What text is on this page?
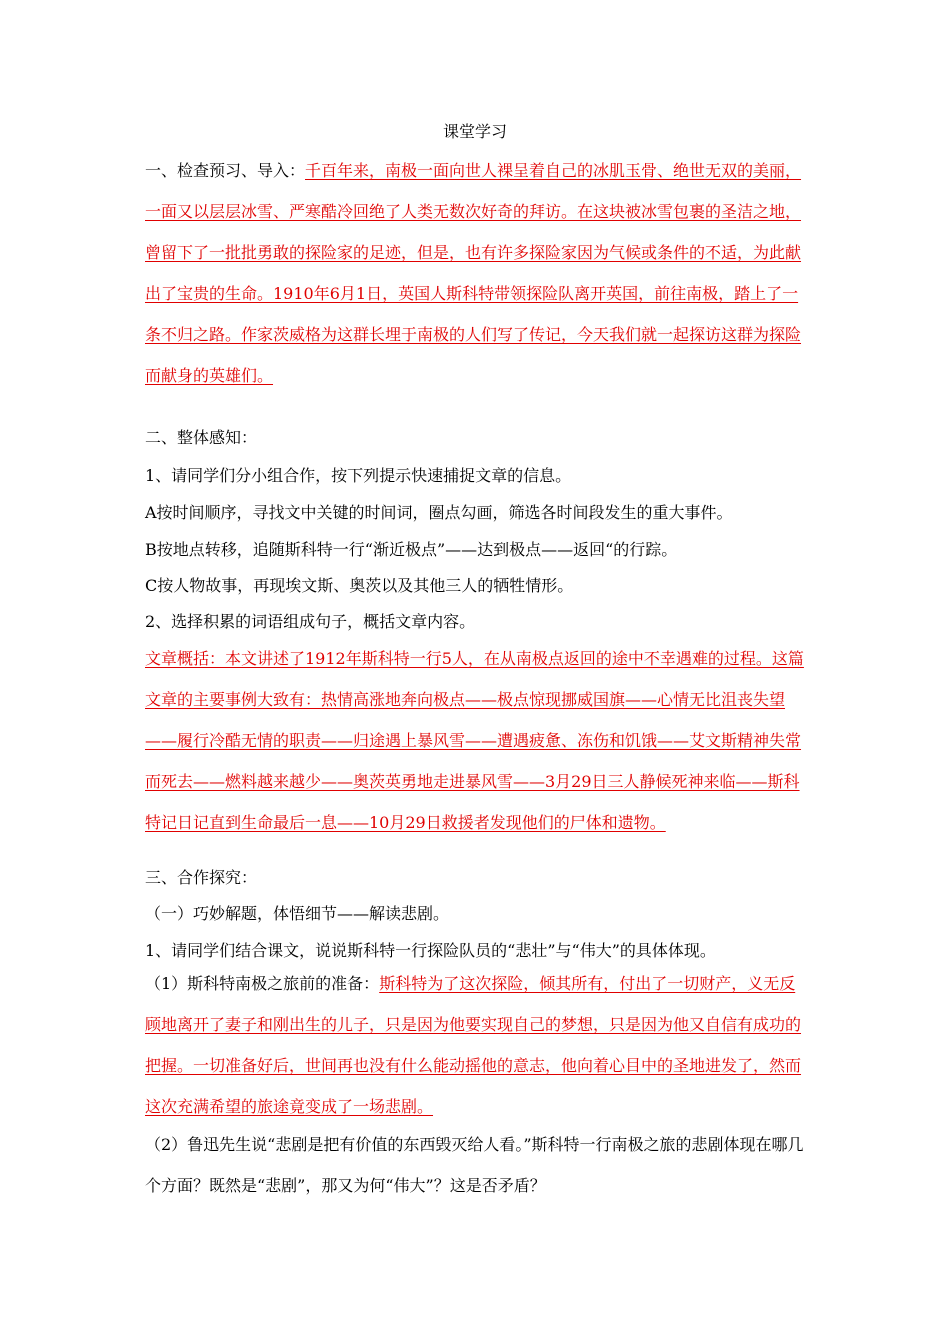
课堂学习
一、检查预习、导入：千百年来，南极一面向世人裸呈着自己的冰肌玉骨、绝世无双的美丽，一面又以层层冰雪、严寒酷冷回绝了人类无数次好奇的拜访。在这块被冰雪包裹的圣洁之地，曾留下了一批批勇敢的探险家的足迹，但是，也有许多探险家因为气候或条件的不适，为此献出了宝贵的生命。1910年6月1日，英国人斯科特带领探险队离开英国，前往南极，踏上了一条不归之路。作家茨威格为这群长埋于南极的人们写了传记，今天我们就一起探访这群为探险而献身的英雄们。
二、整体感知：
1、请同学们分小组合作，按下列提示快速捕捉文章的信息。
A按时间顺序，寻找文中关键的时间词，圈点勾画，筛选各时间段发生的重大事件。
B按地点转移，追随斯科特一行“渐近极点”——达到极点——返回“的行踪。
C按人物故事，再现埃文斯、奥茨以及其他三人的牺牲情形。
2、选择积累的词语组成句子，概括文章内容。
文章概括：本文讲述了1912年斯科特一行5人，在从南极点返回的途中不幸遇难的过程。这篇文章的主要事例大致有：热情高涨地奔向极点——极点惊现挪威国旗——心情无比沮丧失望——履行冷酷无情的职责——归途遇上暴风雪——遭遇疲惫、冻伤和饥饿——艾文斯精神失常而死去——燃料越来越少——奥茨英勇地走进暴风雪——3月29日三人静候死神来临——斯科特记日记直到生命最后一息——10月29日救援者发现他们的尸体和遗物。
三、合作探究：
（一）巧妙解题，体悟细节——解读悲剧。
1、请同学们结合课文，说说斯科特一行探险队员的“悲壮”与“伟大”的具体体现。
（1）斯科特南极之旅前的准备：斯科特为了这次探险，倾其所有，付出了一切财产，义无反顾地离开了妻子和刚出生的儿子，只是因为他要实现自己的梦想，只是因为他又自信有成功的把握。一切准备好后，世间再也没有什么能动摇他的意志，他向着心目中的圣地进发了，然而这次充满希望的旅途竟变成了一场悲剧。
（2）鲁迅先生说“悲剧是把有价值的东西毁灭给人看。”斯科特一行南极之旅的悲剧体现在哪几个方面？既然是“悲剧”，那又为何“伟大”？这是否矛盾？
